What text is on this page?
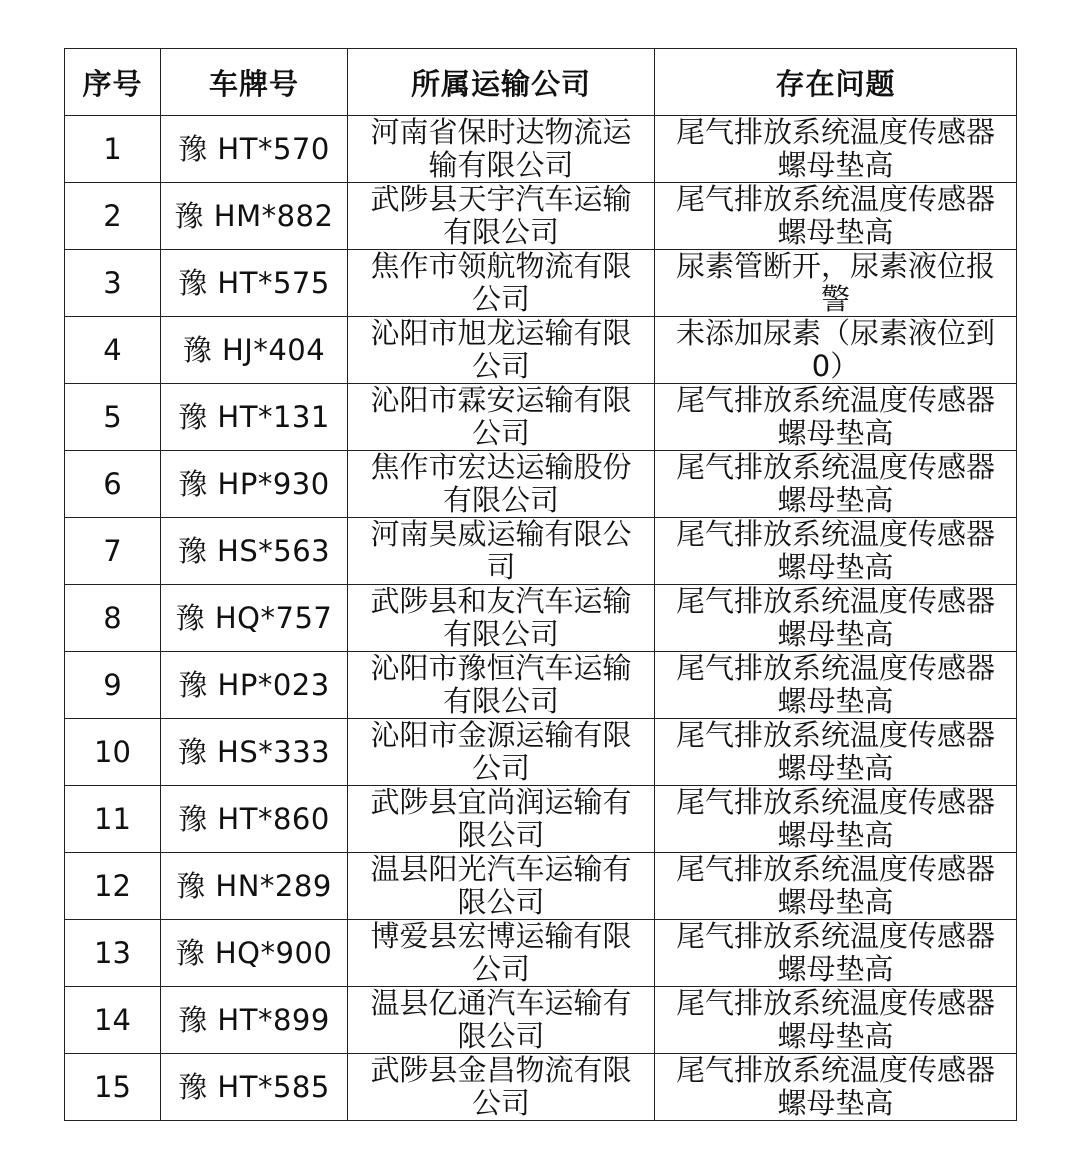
序号	车牌号	所属运输公司	存在问题
1	豫 HT*570	河南省保时达物流运输有限公司	尾气排放系统温度传感器螺母垫高
2	豫 HM*882	武陟县天宇汽车运输有限公司	尾气排放系统温度传感器螺母垫高
3	豫 HT*575	焦作市领航物流有限公司	尿素管断开，尿素液位报警
4	豫 HJ*404	沁阳市旭龙运输有限公司	未添加尿素（尿素液位到0）
5	豫 HT*131	沁阳市霖安运输有限公司	尾气排放系统温度传感器螺母垫高
6	豫 HP*930	焦作市宏达运输股份有限公司	尾气排放系统温度传感器螺母垫高
7	豫 HS*563	河南昊威运输有限公司	尾气排放系统温度传感器螺母垫高
8	豫 HQ*757	武陟县和友汽车运输有限公司	尾气排放系统温度传感器螺母垫高
9	豫 HP*023	沁阳市豫恒汽车运输有限公司	尾气排放系统温度传感器螺母垫高
10	豫 HS*333	沁阳市金源运输有限公司	尾气排放系统温度传感器螺母垫高
11	豫 HT*860	武陟县宜尚润运输有限公司	尾气排放系统温度传感器螺母垫高
12	豫 HN*289	温县阳光汽车运输有限公司	尾气排放系统温度传感器螺母垫高
13	豫 HQ*900	博爱县宏博运输有限公司	尾气排放系统温度传感器螺母垫高
14	豫 HT*899	温县亿通汽车运输有限公司	尾气排放系统温度传感器螺母垫高
15	豫 HT*585	武陟县金昌物流有限公司	尾气排放系统温度传感器螺母垫高
